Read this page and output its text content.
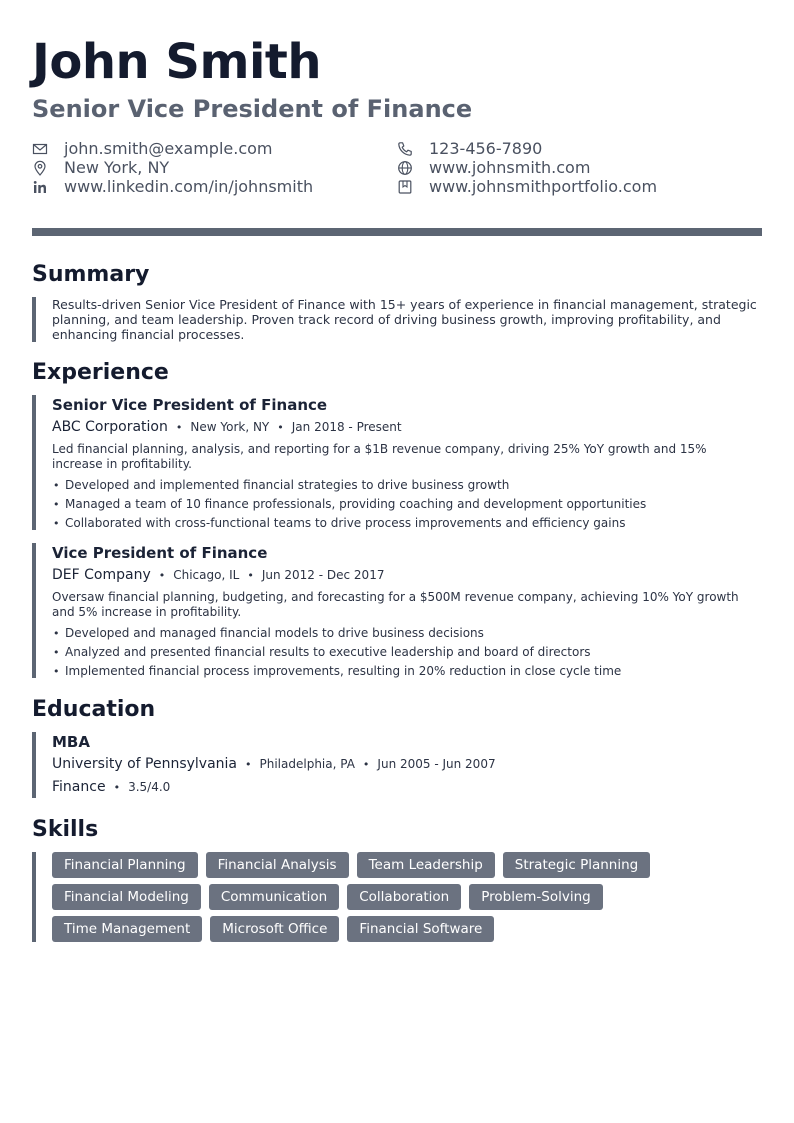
John Smith
Senior Vice President of Finance
john.smith@example.com
New York, NY
www.linkedin.com/in/johnsmith
123-456-7890
www.johnsmith.com
www.johnsmithportfolio.com
Summary
Results-driven Senior Vice President of Finance with 15+ years of experience in financial management, strategic planning, and team leadership. Proven track record of driving business growth, improving profitability, and enhancing financial processes.
Experience
Senior Vice President of Finance
ABC Corporation • New York, NY • Jan 2018 - Present
Led financial planning, analysis, and reporting for a $1B revenue company, driving 25% YoY growth and 15% increase in profitability.
• Developed and implemented financial strategies to drive business growth
• Managed a team of 10 finance professionals, providing coaching and development opportunities
• Collaborated with cross-functional teams to drive process improvements and efficiency gains
Vice President of Finance
DEF Company • Chicago, IL • Jun 2012 - Dec 2017
Oversaw financial planning, budgeting, and forecasting for a $500M revenue company, achieving 10% YoY growth and 5% increase in profitability.
• Developed and managed financial models to drive business decisions
• Analyzed and presented financial results to executive leadership and board of directors
• Implemented financial process improvements, resulting in 20% reduction in close cycle time
Education
MBA
University of Pennsylvania • Philadelphia, PA • Jun 2005 - Jun 2007
Finance • 3.5/4.0
Skills
Financial Planning	Financial Analysis	Team Leadership	Strategic Planning
Financial Modeling	Communication	Collaboration	Problem-Solving
Time Management	Microsoft Office	Financial Software
